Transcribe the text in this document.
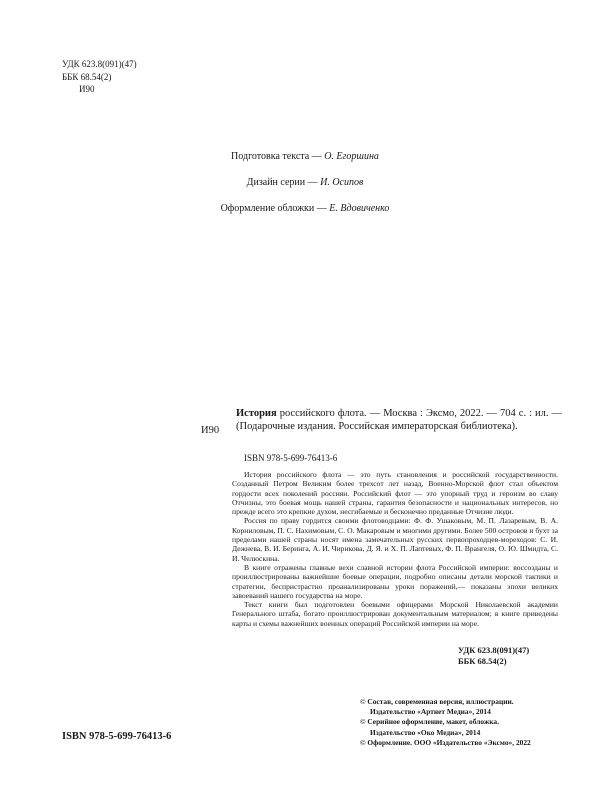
УДК 623.8(091)(47)
ББК 68.54(2)
И90
Подготовка текста — О. Егоршина
Дизайн серии — И. Осипов
Оформление обложки — Е. Вдовиченко
И90
История российского флота. — Москва : Эксмо, 2022. — 704 с. : ил. — (Подарочные издания. Российская императорская библиотека).
ISBN 978-5-699-76413-6

История российского флота — это путь становления и российской государственности. Созданный Петром Великим более трехсот лет назад, Военно-Морской флот стал объектом гордости всех поколений россиян. Российский флот — это упорный труд и героизм во славу Отчизны, это боевая мощь нашей страны, гарантия безопасности и национальных интересов, но прежде всего это крепкие духом, несгибаемые и бесконечно преданные Отчизне люди.

Россия по праву гордится своими флотоводцами: Ф. Ф. Ушаковым, М. П. Лазаревым, В. А. Корниловым, П. С. Нахимовым, С. О. Макаровым и многими другими. Более 500 островов и бухт за пределами нашей страны носят имена замечательных русских первопроходцев-мореходов: С. И. Дежнева, В. И. Беринга, А. И. Чирикова, Д. Я. и Х. П. Лаптевых, Ф. П. Врангеля, О. Ю. Шмидта, С. И. Челюскина.

В книге отражены главные вехи славной истории флота Российской империи: воссозданы и проиллюстрированы важнейшие боевые операции, подробно описаны детали морской тактики и стратегии, беспристрастно проанализированы уроки поражений,— показаны эпохи великих завоеваний нашего государства на море.

Текст книги был подготовлен боевыми офицерами Морской Николаевской академии Генерального штаба, богато проиллюстрирован документальным материалом; в книге приведены карты и схемы важнейших военных операций Российской империи на море.

УДК 623.8(091)(47)
ББК 68.54(2)
© Состав, современная версия, иллюстрации.
Издательство «Артнет Медиа», 2014
© Серийное оформление, макет, обложка.
Издательство «Око Медиа», 2014
© Оформление. ООО «Издательство «Эксмо», 2022
ISBN 978-5-699-76413-6
